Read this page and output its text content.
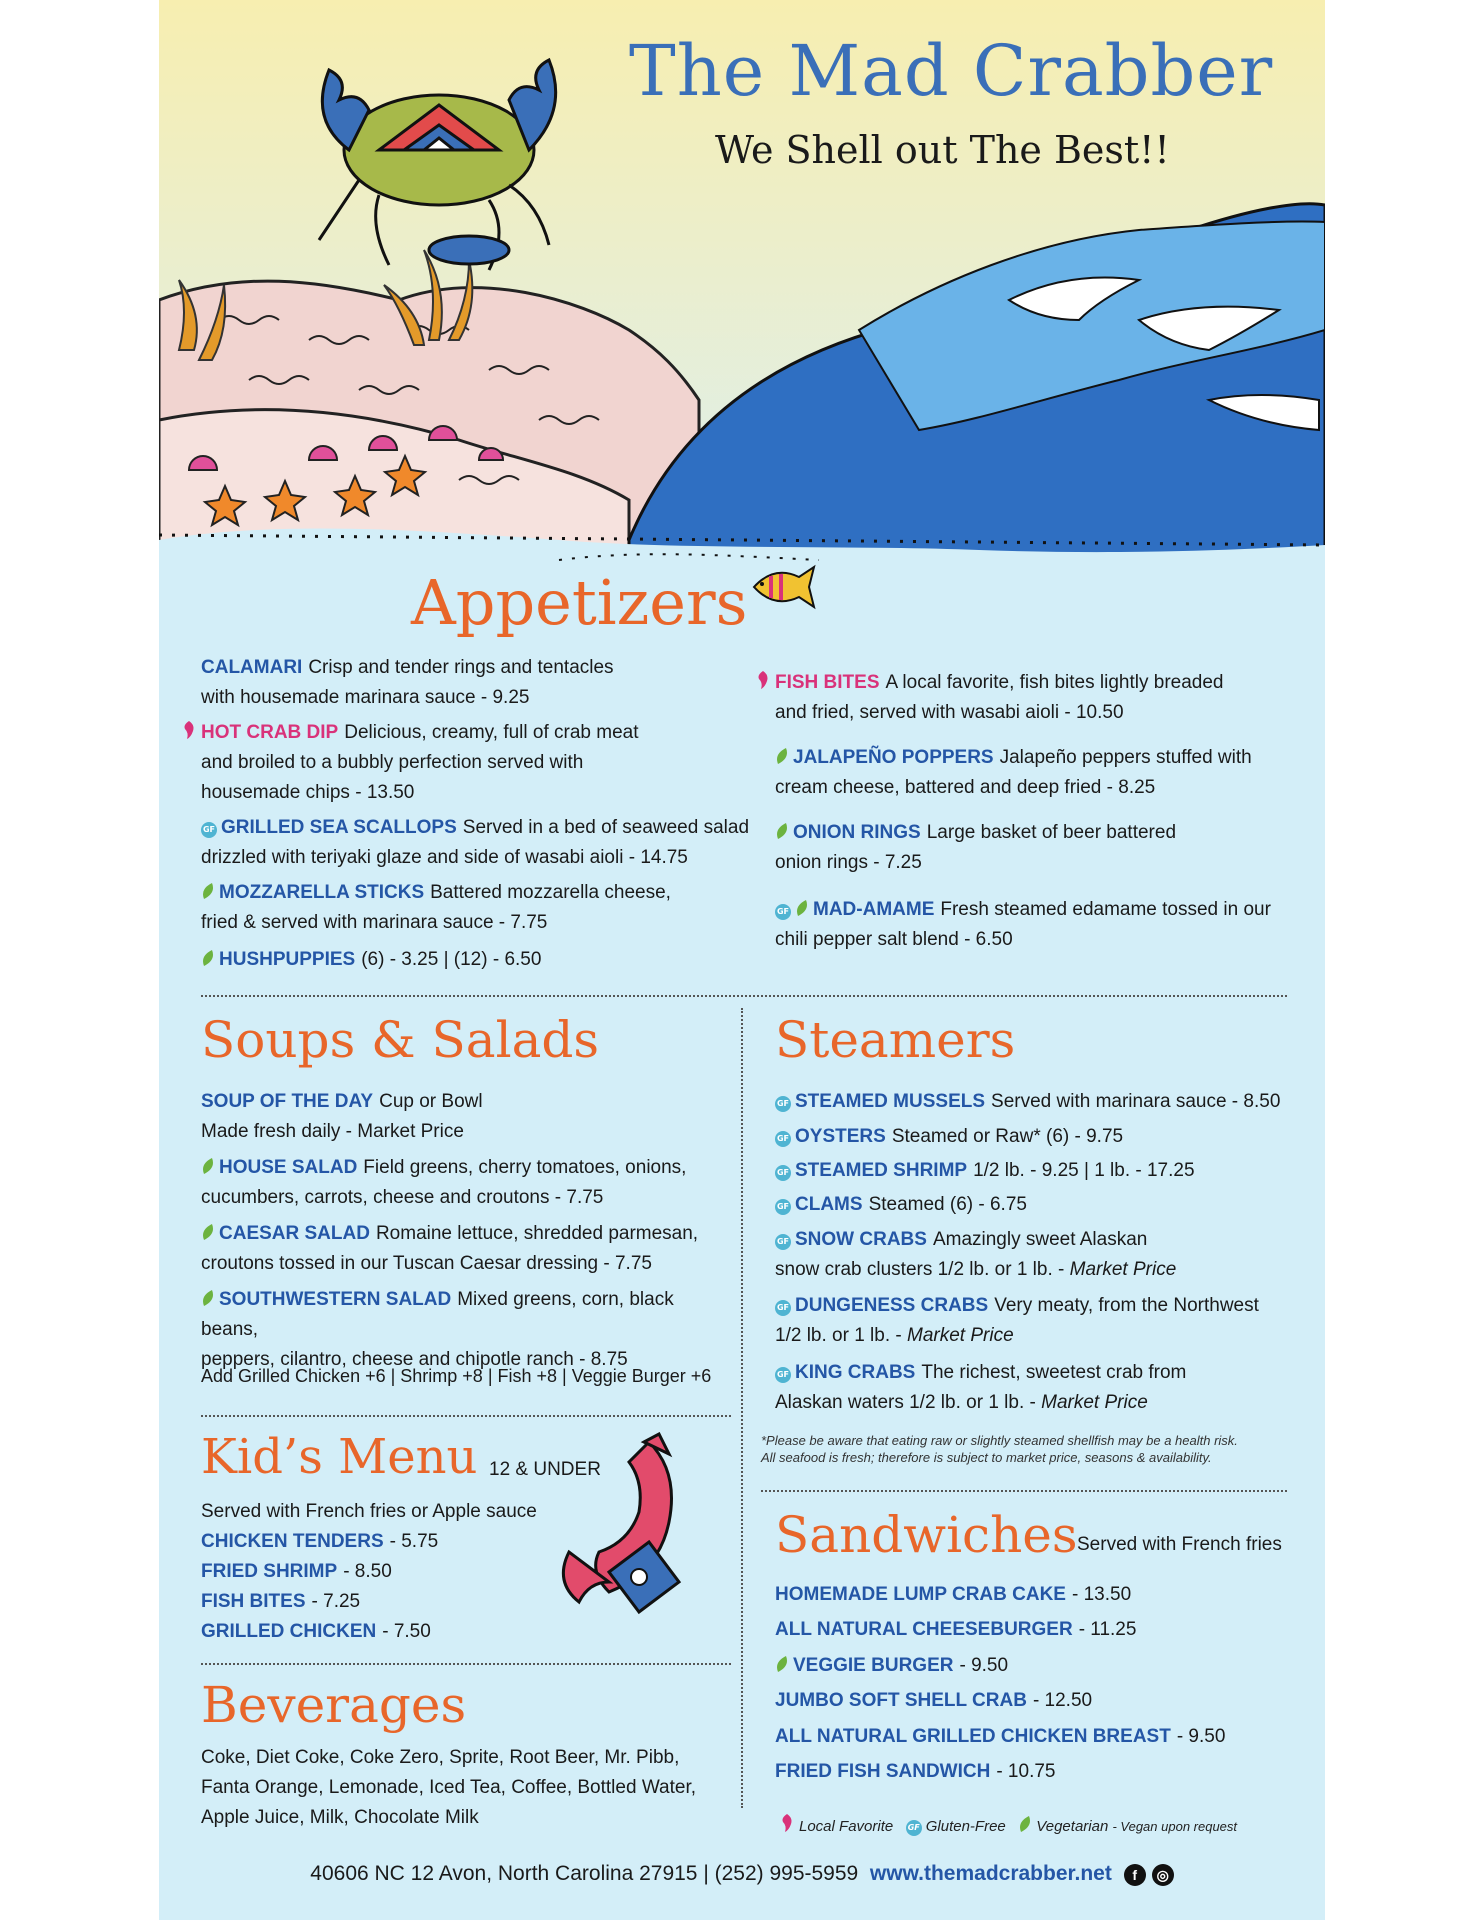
The Mad Crabber
We Shell out The Best!!
Appetizers
CALAMARI Crisp and tender rings and tentacles
with housemade marinara sauce - 9.25
HOT CRAB DIP Delicious, creamy, full of crab meat
and broiled to a bubbly perfection served with
housemade chips - 13.50
GF GRILLED SEA SCALLOPS Served in a bed of seaweed salad
drizzled with teriyaki glaze and side of wasabi aioli - 14.75
MOZZARELLA STICKS Battered mozzarella cheese,
fried & served with marinara sauce - 7.75
HUSHPUPPIES (6) - 3.25 | (12) - 6.50
FISH BITES A local favorite, fish bites lightly breaded
and fried, served with wasabi aioli - 10.50
JALAPEÑO POPPERS Jalapeño peppers stuffed with
cream cheese, battered and deep fried - 8.25
ONION RINGS Large basket of beer battered
onion rings - 7.25
GF MAD-AMAME Fresh steamed edamame tossed in our
chili pepper salt blend - 6.50
Soups & Salads
SOUP OF THE DAY Cup or Bowl
Made fresh daily - Market Price
HOUSE SALAD Field greens, cherry tomatoes, onions,
cucumbers, carrots, cheese and croutons - 7.75
CAESAR SALAD Romaine lettuce, shredded parmesan,
croutons tossed in our Tuscan Caesar dressing - 7.75
SOUTHWESTERN SALAD Mixed greens, corn, black beans,
peppers, cilantro, cheese and chipotle ranch - 8.75
Add Grilled Chicken +6 | Shrimp +8 | Fish +8 | Veggie Burger +6
Kid’s Menu 12 & UNDER
Served with French fries or Apple sauce
CHICKEN TENDERS - 5.75
FRIED SHRIMP - 8.50
FISH BITES - 7.25
GRILLED CHICKEN - 7.50
Beverages
Coke, Diet Coke, Coke Zero, Sprite, Root Beer, Mr. Pibb,
Fanta Orange, Lemonade, Iced Tea, Coffee, Bottled Water,
Apple Juice, Milk, Chocolate Milk
Steamers
GF STEAMED MUSSELS Served with marinara sauce - 8.50
GF OYSTERS Steamed or Raw* (6) - 9.75
GF STEAMED SHRIMP 1/2 lb. - 9.25 | 1 lb. - 17.25
GF CLAMS Steamed (6) - 6.75
GF SNOW CRABS Amazingly sweet Alaskan
snow crab clusters 1/2 lb. or 1 lb. - Market Price
GF DUNGENESS CRABS Very meaty, from the Northwest
1/2 lb. or 1 lb. - Market Price
GF KING CRABS The richest, sweetest crab from
Alaskan waters 1/2 lb. or 1 lb. - Market Price
*Please be aware that eating raw or slightly steamed shellfish may be a health risk.
All seafood is fresh; therefore is subject to market price, seasons & availability.
Sandwiches Served with French fries
HOMEMADE LUMP CRAB CAKE - 13.50
ALL NATURAL CHEESEBURGER - 11.25
VEGGIE BURGER - 9.50
JUMBO SOFT SHELL CRAB - 12.50
ALL NATURAL GRILLED CHICKEN BREAST - 9.50
FRIED FISH SANDWICH - 10.75
Local Favorite GF Gluten-Free Vegetarian - Vegan upon request
40606 NC 12 Avon, North Carolina 27915 | (252) 995-5959 www.themadcrabber.net f ◎
